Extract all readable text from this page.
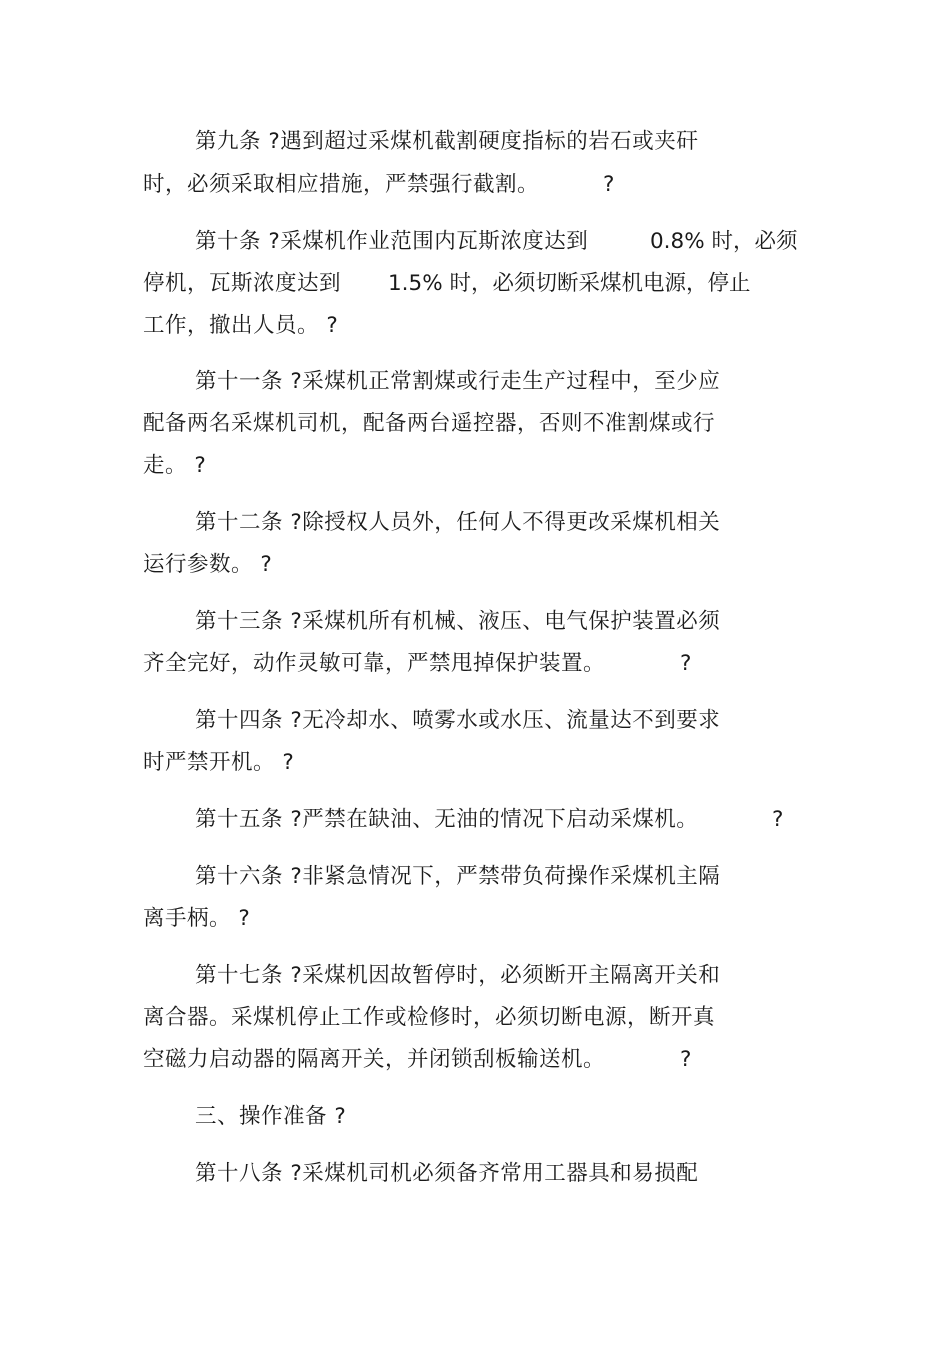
第九条 ?遇到超过采煤机截割硬度指标的岩石或夹矸
时，必须采取相应措施，严禁强行截割。	?
第十条 ?采煤机作业范围内瓦斯浓度达到	0.8% 时，必须
停机，瓦斯浓度达到 1.5% 时，必须切断采煤机电源，停止
工作，撤出人员。 ?
第十一条 ?采煤机正常割煤或行走生产过程中，至少应
配备两名采煤机司机，配备两台遥控器，否则不准割煤或行
走。 ?
第十二条 ?除授权人员外，任何人不得更改采煤机相关
运行参数。 ?
第十三条 ?采煤机所有机械、液压、电气保护装置必须
齐全完好，动作灵敏可靠，严禁甩掉保护装置。	?
第十四条 ?无冷却水、喷雾水或水压、流量达不到要求
时严禁开机。 ?
第十五条 ?严禁在缺油、无油的情况下启动采煤机。	?
第十六条 ?非紧急情况下，严禁带负荷操作采煤机主隔
离手柄。 ?
第十七条 ?采煤机因故暂停时，必须断开主隔离开关和
离合器。采煤机停止工作或检修时，必须切断电源，断开真
空磁力启动器的隔离开关，并闭锁刮板输送机。	?
三、操作准备 ?
第十八条 ?采煤机司机必须备齐常用工器具和易损配
